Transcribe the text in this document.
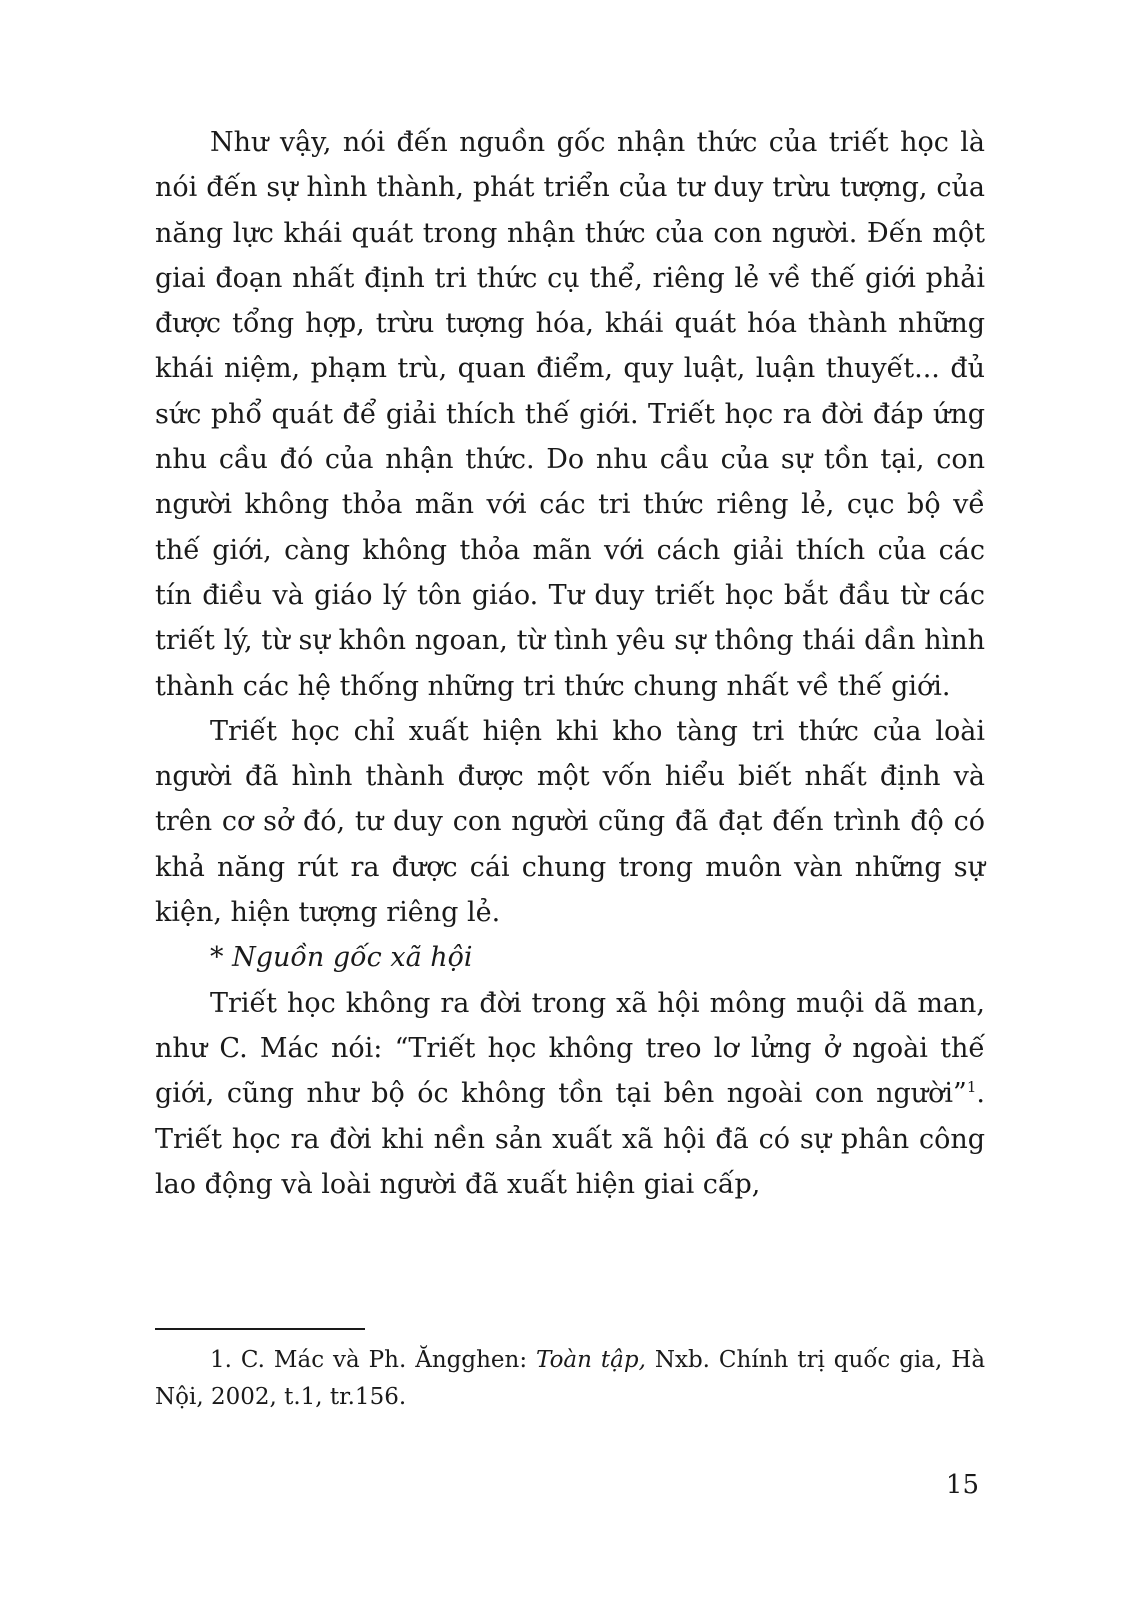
Như vậy, nói đến nguồn gốc nhận thức của triết học là nói đến sự hình thành, phát triển của tư duy trừu tượng, của năng lực khái quát trong nhận thức của con người. Đến một giai đoạn nhất định tri thức cụ thể, riêng lẻ về thế giới phải được tổng hợp, trừu tượng hóa, khái quát hóa thành những khái niệm, phạm trù, quan điểm, quy luật, luận thuyết... đủ sức phổ quát để giải thích thế giới. Triết học ra đời đáp ứng nhu cầu đó của nhận thức. Do nhu cầu của sự tồn tại, con người không thỏa mãn với các tri thức riêng lẻ, cục bộ về thế giới, càng không thỏa mãn với cách giải thích của các tín điều và giáo lý tôn giáo. Tư duy triết học bắt đầu từ các triết lý, từ sự khôn ngoan, từ tình yêu sự thông thái dần hình thành các hệ thống những tri thức chung nhất về thế giới.

Triết học chỉ xuất hiện khi kho tàng tri thức của loài người đã hình thành được một vốn hiểu biết nhất định và trên cơ sở đó, tư duy con người cũng đã đạt đến trình độ có khả năng rút ra được cái chung trong muôn vàn những sự kiện, hiện tượng riêng lẻ.

* Nguồn gốc xã hội

Triết học không ra đời trong xã hội mông muội dã man, như C. Mác nói: “Triết học không treo lơ lửng ở ngoài thế giới, cũng như bộ óc không tồn tại bên ngoài con người”$^1$. Triết học ra đời khi nền sản xuất xã hội đã có sự phân công lao động và loài người đã xuất hiện giai cấp,

1. C. Mác và Ph. Ăngghen: Toàn tập, Nxb. Chính trị quốc gia, Hà Nội, 2002, t.1, tr.156.

15
